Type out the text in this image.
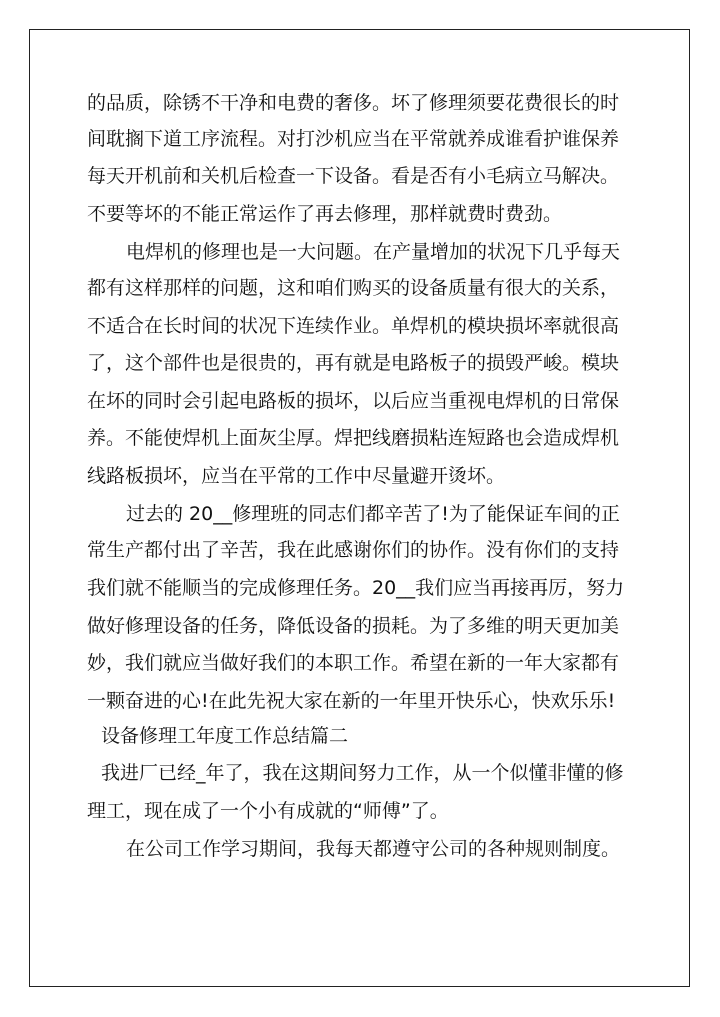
的品质，除锈不干净和电费的奢侈。坏了修理须要花费很长的时

间耽搁下道工序流程。对打沙机应当在平常就养成谁看护谁保养

每天开机前和关机后检查一下设备。看是否有小毛病立马解决。

不要等坏的不能正常运作了再去修理，那样就费时费劲。

电焊机的修理也是一大问题。在产量增加的状况下几乎每天

都有这样那样的问题，这和咱们购买的设备质量有很大的关系，

不适合在长时间的状况下连续作业。单焊机的模块损坏率就很高

了，这个部件也是很贵的，再有就是电路板子的损毁严峻。模块

在坏的同时会引起电路板的损坏，以后应当重视电焊机的日常保

养。不能使焊机上面灰尘厚。焊把线磨损粘连短路也会造成焊机

线路板损坏，应当在平常的工作中尽量避开烫坏。

过去的 20__修理班的同志们都辛苦了!为了能保证车间的正

常生产都付出了辛苦，我在此感谢你们的协作。没有你们的支持

我们就不能顺当的完成修理任务。20__我们应当再接再厉，努力

做好修理设备的任务，降低设备的损耗。为了多维的明天更加美

妙，我们就应当做好我们的本职工作。希望在新的一年大家都有

一颗奋进的心!在此先祝大家在新的一年里开快乐心，快欢乐乐!

设备修理工年度工作总结篇二

我进厂已经_年了，我在这期间努力工作，从一个似懂非懂的修

理工，现在成了一个小有成就的“师傅”了。

在公司工作学习期间，我每天都遵守公司的各种规则制度。
